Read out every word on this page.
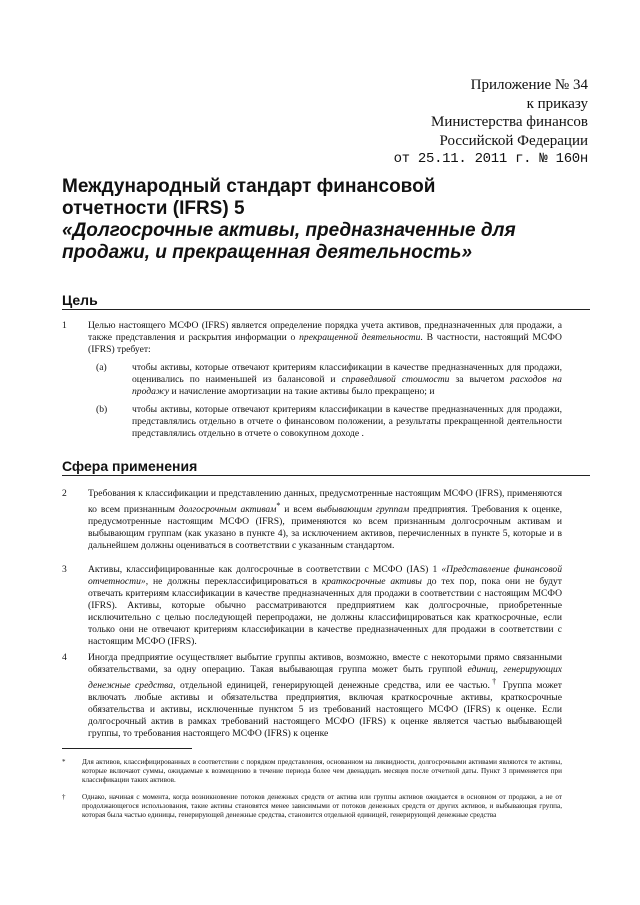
Приложение № 34
к приказу
Министерства финансов
Российской Федерации
от 25.11. 2011 г. № 160н
Международный стандарт финансовой
отчетности (IFRS) 5
«Долгосрочные активы, предназначенные для
продажи, и прекращенная деятельность»
Цель
1 Целью настоящего МСФО (IFRS) является определение порядка учета активов, предназначенных для продажи, а также представления и раскрытия информации о прекращенной деятельности. В частности, настоящий МСФО (IFRS) требует:
(a)	чтобы активы, которые отвечают критериям классификации в качестве предназначенных для продажи, оценивались по наименьшей из балансовой и справедливой стоимости за вычетом расходов на продажу и начисление амортизации на такие активы было прекращено; и
(b)	чтобы активы, которые отвечают критериям классификации в качестве предназначенных для продажи, представлялись отдельно в отчете о финансовом положении, а результаты прекращенной деятельности представлялись отдельно в отчете о совокупном доходе .
Сфера применения
2 Требования к классификации и представлению данных, предусмотренные настоящим МСФО (IFRS), применяются ко всем признанным долгосрочным активам* и всем выбывающим группам предприятия. Требования к оценке, предусмотренные настоящим МСФО (IFRS), применяются ко всем признанным долгосрочным активам и выбывающим группам (как указано в пункте 4), за исключением активов, перечисленных в пункте 5, которые и в дальнейшем должны оцениваться в соответствии с указанным стандартом.
3 Активы, классифицированные как долгосрочные в соответствии с МСФО (IAS) 1 «Представление финансовой отчетности», не должны переклассифицироваться в краткосрочные активы до тех пор, пока они не будут отвечать критериям классификации в качестве предназначенных для продажи в соответствии с настоящим МСФО (IFRS). Активы, которые обычно рассматриваются предприятием как долгосрочные, приобретенные исключительно с целью последующей перепродажи, не должны классифицироваться как краткосрочные, если только они не отвечают критериям классификации в качестве предназначенных для продажи в соответствии с настоящим МСФО (IFRS).
4 Иногда предприятие осуществляет выбытие группы активов, возможно, вместе с некоторыми прямо связанными обязательствами, за одну операцию. Такая выбывающая группа может быть группой единиц, генерирующих денежные средства, отдельной единицей, генерирующей денежные средства, или ее частью.† Группа может включать любые активы и обязательства предприятия, включая краткосрочные активы, краткосрочные обязательства и активы, исключенные пунктом 5 из требований настоящего МСФО (IFRS) к оценке. Если долгосрочный актив в рамках требований настоящего МСФО (IFRS) к оценке является частью выбывающей группы, то требования настоящего МСФО (IFRS) к оценке
* Для активов, классифицированных в соответствии с порядком представления, основанном на ликвидности, долгосрочными активами являются те активы, которые включают суммы, ожидаемые к возмещению в течение периода более чем двенадцать месяцев после отчетной даты. Пункт 3 применяется при классификации таких активов.
† Однако, начиная с момента, когда возникновение потоков денежных средств от актива или группы активов ожидается в основном от продажи, а не от продолжающегося использования, такие активы становятся менее зависимыми от потоков денежных средств от других активов, и выбывающая группа, которая была частью единицы, генерирующей денежные средства, становится отдельной единицей, генерирующей денежные средства
